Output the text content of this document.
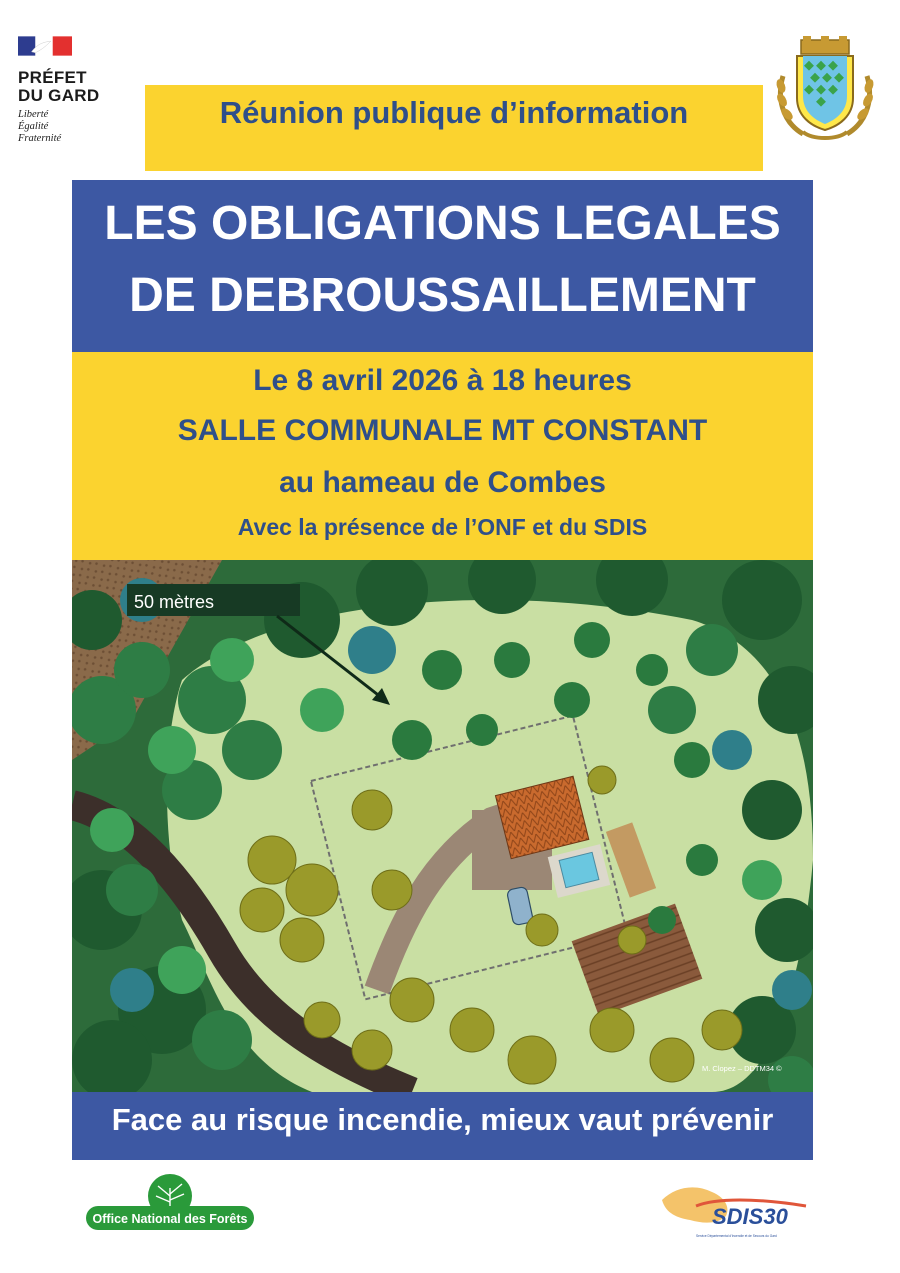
PRÉFET
DU GARD
Liberté
Égalité
Fraternité
Réunion publique d’information
LES OBLIGATIONS LEGALES
DE DEBROUSSAILLEMENT
Le 8 avril 2026 à 18 heures
SALLE COMMUNALE MT CONSTANT
au hameau de Combes
Avec la présence de l’ONF et du SDIS
50 mètres
M. Clopez – DDTM34 ©
Face au risque incendie, mieux vaut prévenir
Office National des Forêts	SDIS30
Service Départemental d’Incendie et de Secours du Gard
